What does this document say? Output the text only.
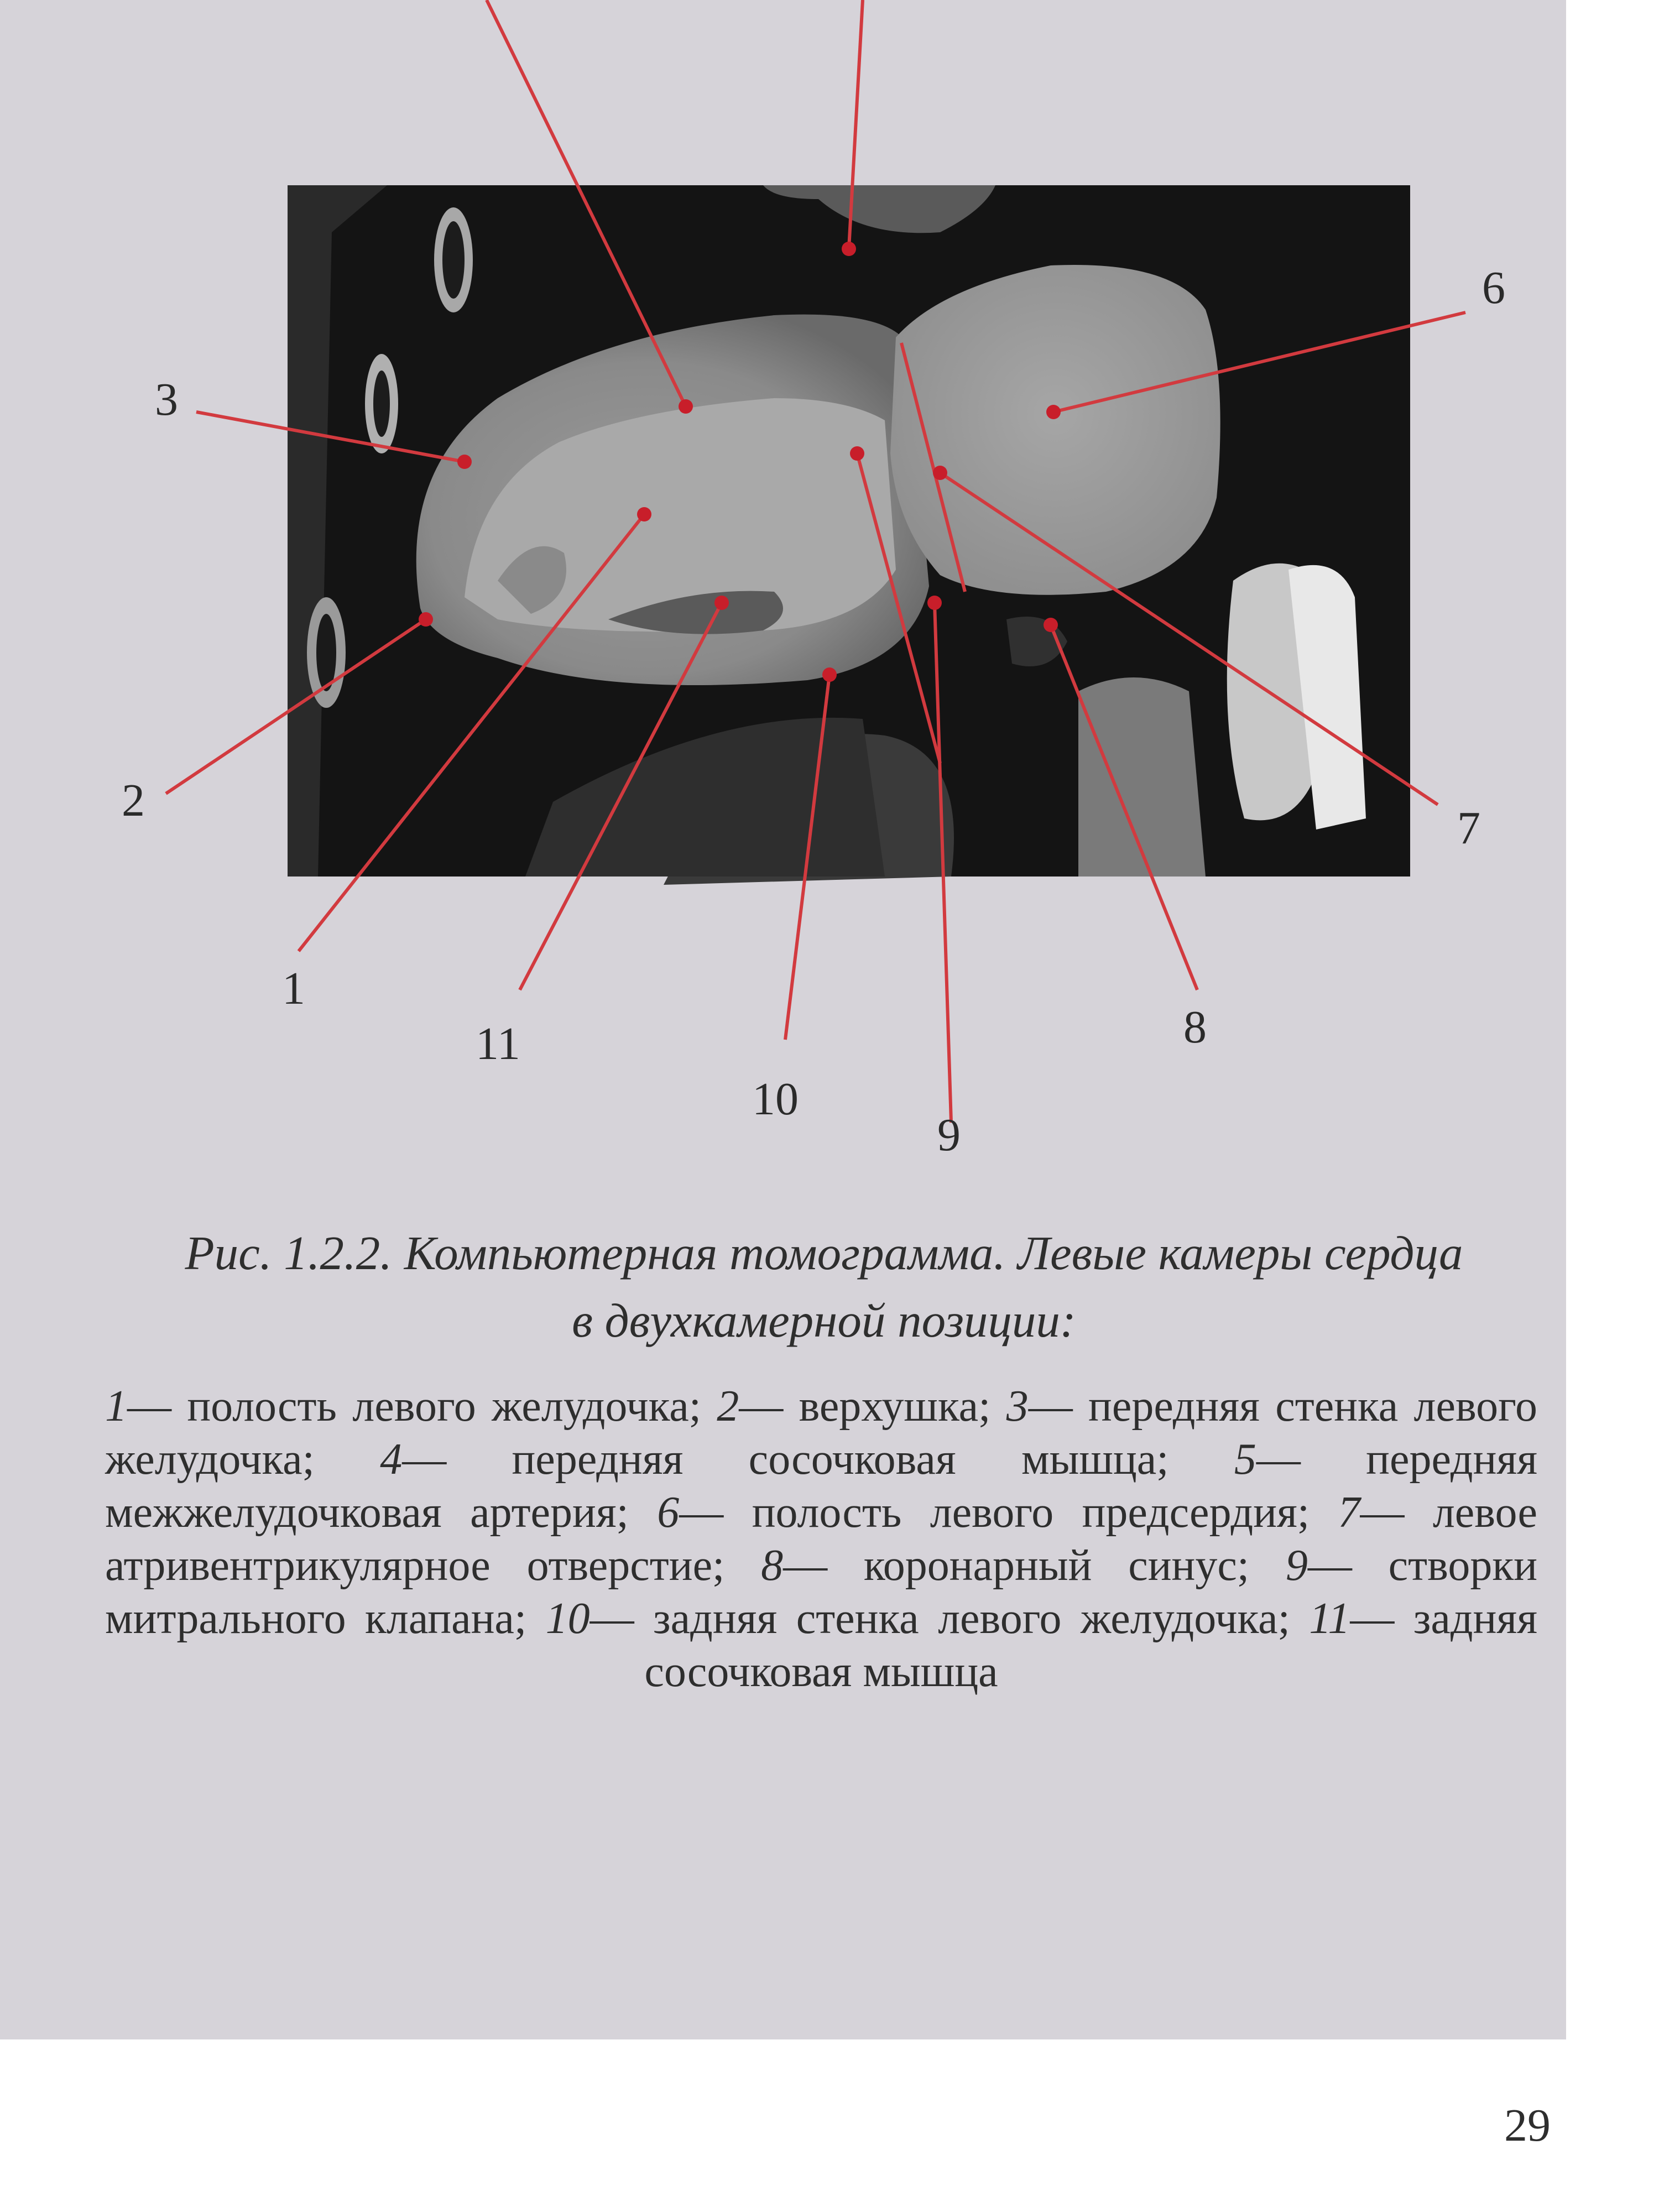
6
3
2
7
1
8
11
10
9
Рис. 1.2.2. Компьютерная томограмма. Левые камеры сердца
в двухкамерной позиции:
1— полость левого желудочка; 2— верхушка; 3— передняя стенка левого желудочка; 4— передняя сосочковая мышца; 5— передняя межжелудочковая артерия; 6— полость левого предсердия; 7— левое атривентрикулярное отверстие; 8— коронарный синус; 9— створки митрального клапана; 10— задняя стенка левого желудочка; 11— задняя сосочковая мышца
29
